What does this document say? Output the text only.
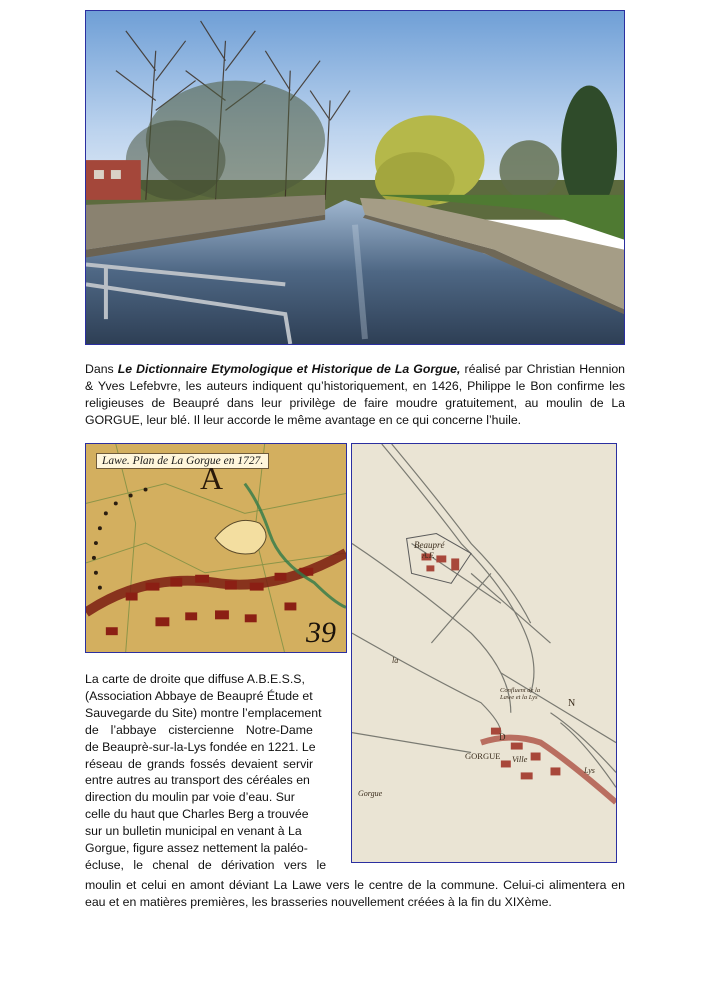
Dans Le Dictionnaire Etymologique et Historique de La Gorgue, réalisé par Christian Hennion & Yves Lefebvre, les auteurs indiquent qu’historiquement, en 1426, Philippe le Bon confirme les religieuses de Beaupré dans leur privilège de faire moudre gratuitement, au moulin de La GORGUE, leur blé. Il leur accorde le même avantage en ce qui concerne l’huile.
Lawe. Plan de La Gorgue en 1727.
A
39
Beaupré
A.F.
Confluent de la Lawe et la Lys
N
D
GORGUE Ville
Lys
la
Gorgue
La carte de droite que diffuse A.B.E.S.S,
(Association Abbaye de Beaupré Étude et
Sauvegarde du Site) montre l’emplacement
de l’abbaye cistercienne Notre-Dame
de Beauprè-sur-la-Lys fondée en 1221. Le
réseau de grands fossés devaient servir
entre autres au transport des céréales en
direction du moulin par voie d’eau. Sur
celle du haut que Charles Berg a trouvée
sur un bulletin municipal en venant à La
Gorgue, figure assez nettement la paléo-
écluse, le chenal de dérivation vers le
moulin et celui en amont déviant La Lawe vers le centre de la commune. Celui-ci alimentera en eau et en matières premières, les brasseries nouvellement créées à la fin du XIXème.
